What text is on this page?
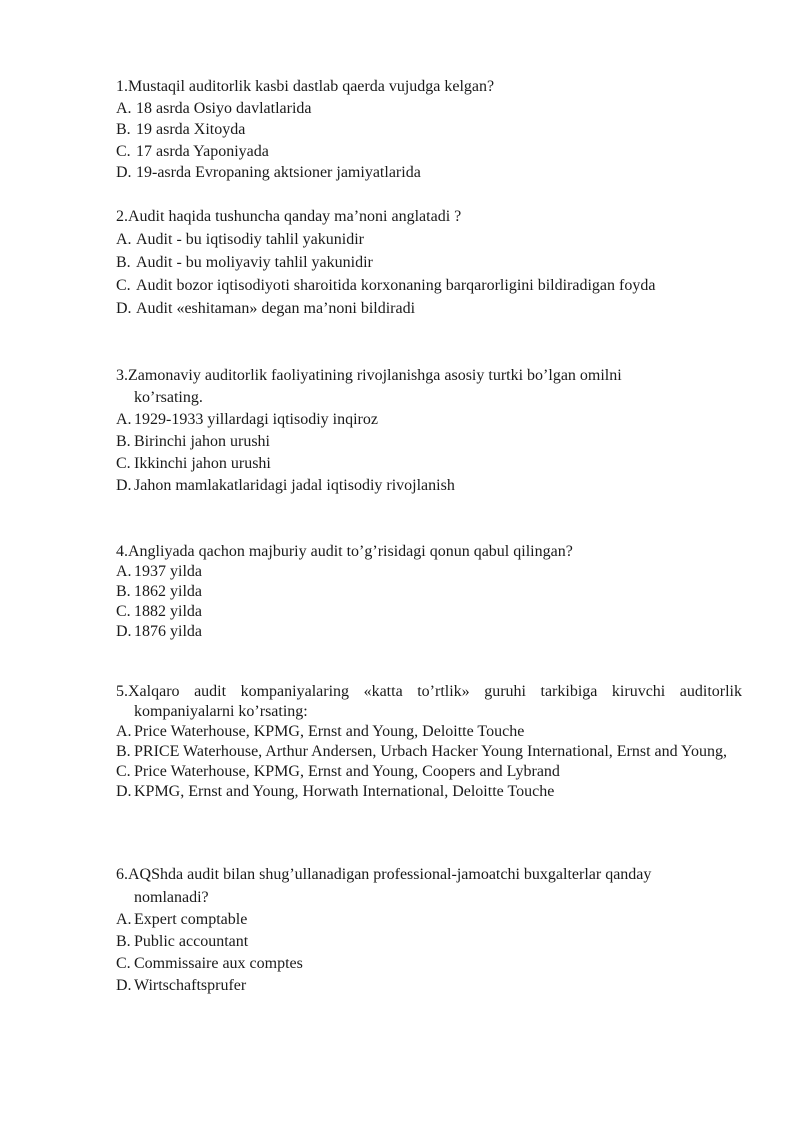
1.Mustaqil auditorlik kasbi dastlab qaerda vujudga kelgan?

A. 18 asrda Osiyo davlatlarida
B. 19 asrda Xitoyda
C. 17 asrda Yaponiyada
D. 19-asrda Evropaning aktsioner jamiyatlarida

2.Audit haqida tushuncha qanday ma’noni anglatadi ?

A. Audit - bu iqtisodiy tahlil yakunidir
B. Audit - bu moliyaviy tahlil yakunidir
C. Audit bozor iqtisodiyoti sharoitida korxonaning barqarorligini bildiradigan foyda
D. Audit «eshitaman» degan ma’noni bildiradi

3.Zamonaviy auditorlik faoliyatining rivojlanishga asosiy turtki bo’lgan omilni
ko’rsating.

A. 1929-1933 yillardagi iqtisodiy inqiroz
B. Birinchi jahon urushi
C. Ikkinchi jahon urushi
D. Jahon mamlakatlaridagi jadal iqtisodiy rivojlanish

4.Angliyada qachon majburiy audit to’g’risidagi qonun qabul qilingan?

A. 1937 yilda
B. 1862 yilda
C. 1882 yilda
D. 1876 yilda

5.Xalqaro audit kompaniyalaring «katta to’rtlik» guruhi tarkibiga kiruvchi auditorlik
kompaniyalarni ko’rsating:

A. Price Waterhouse, KPMG, Ernst and Young, Deloitte Touche
B. PRICE Waterhouse, Arthur Andersen, Urbach Hacker Young International, Ernst and Young,
C. Price Waterhouse, KPMG, Ernst and Young, Coopers and Lybrand
D. KPMG, Ernst and Young, Horwath International, Deloitte Touche

6.AQShda audit bilan shug’ullanadigan professional-jamoatchi buxgalterlar qanday
nomlanadi?

A. Expert comptable
B. Public accountant
C. Commissaire aux comptes
D. Wirtschaftsprufer
